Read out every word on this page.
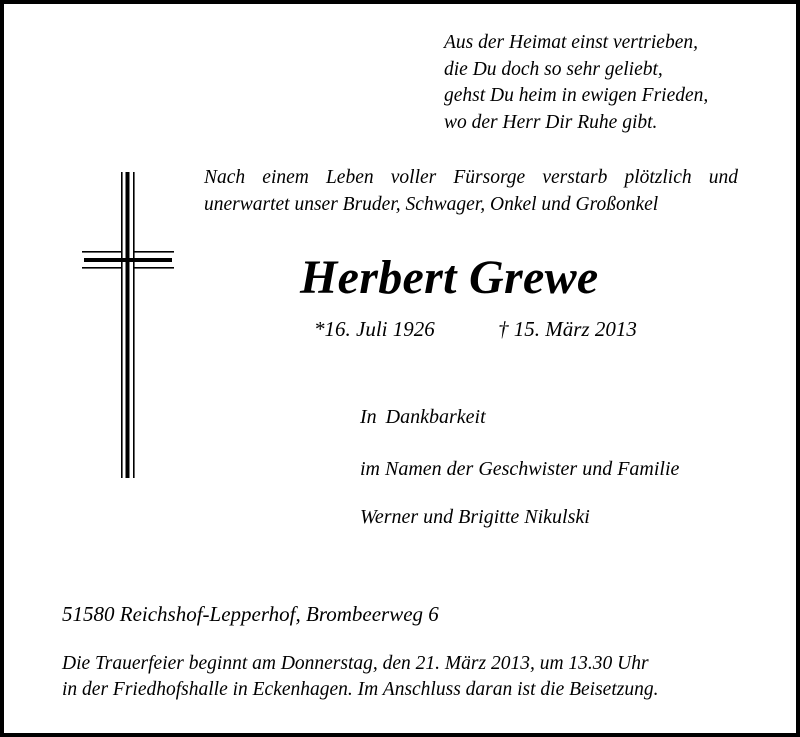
Aus der Heimat einst vertrieben,
die Du doch so sehr geliebt,
gehst Du heim in ewigen Frieden,
wo der Herr Dir Ruhe gibt.
Nach einem Leben voller Fürsorge verstarb plötzlich und
unerwartet unser Bruder, Schwager, Onkel und Großonkel
Herbert Grewe
*16. Juli 1926	† 15. März 2013
In Dankbarkeit
im Namen der Geschwister und Familie
Werner und Brigitte Nikulski
51580 Reichshof-Lepperhof, Brombeerweg 6
Die Trauerfeier beginnt am Donnerstag, den 21. März 2013, um 13.30 Uhr
in der Friedhofshalle in Eckenhagen. Im Anschluss daran ist die Beisetzung.
